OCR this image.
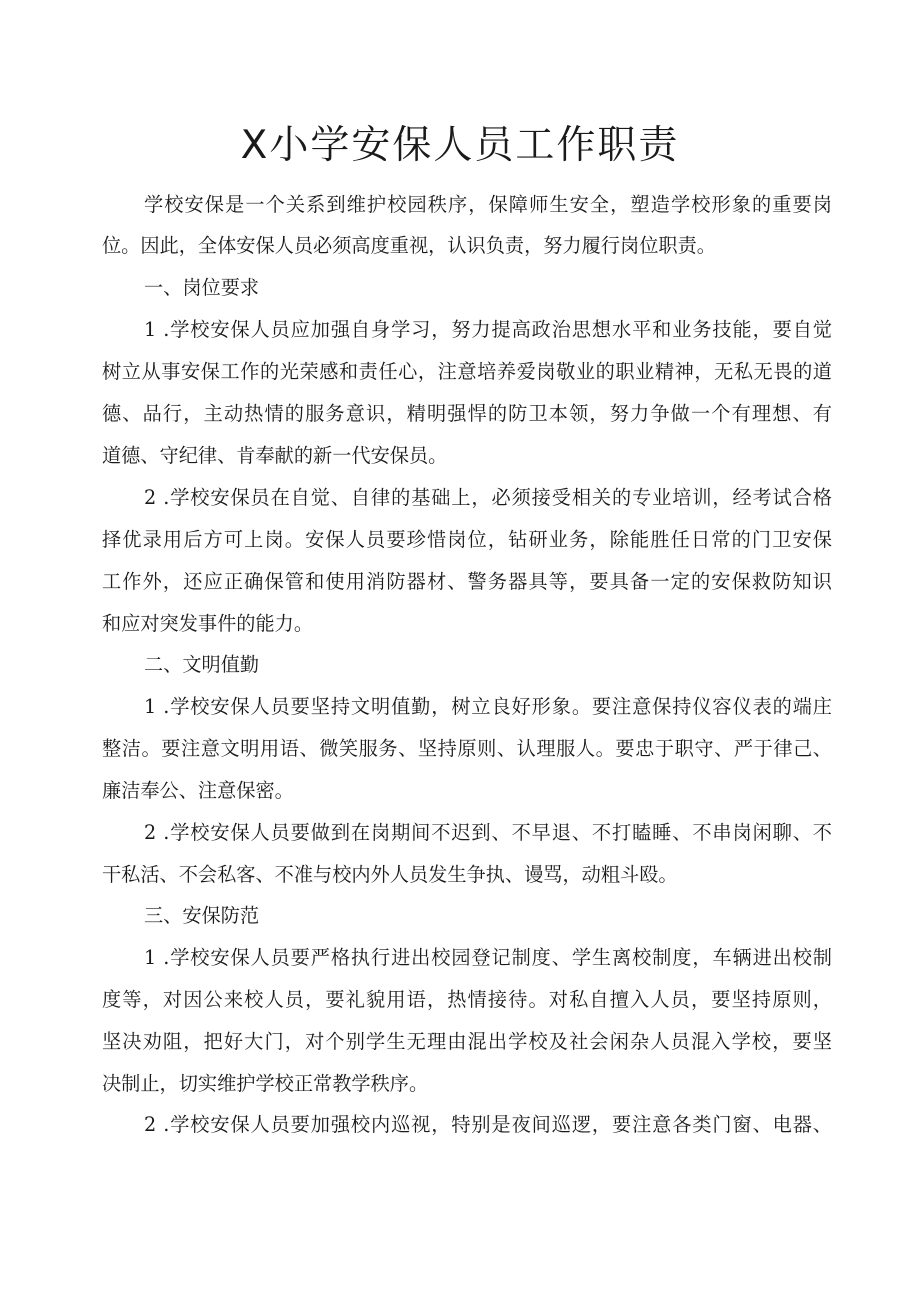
X小学安保人员工作职责
学校安保是一个关系到维护校园秩序，保障师生安全，塑造学校形象的重要岗
位。因此，全体安保人员必须高度重视，认识负责，努力履行岗位职责。
一、岗位要求
1 .学校安保人员应加强自身学习，努力提高政治思想水平和业务技能，要自觉
树立从事安保工作的光荣感和责任心，注意培养爱岗敬业的职业精神，无私无畏的道
德、品行，主动热情的服务意识，精明强悍的防卫本领，努力争做一个有理想、有
道德、守纪律、肯奉献的新一代安保员。
2 .学校安保员在自觉、自律的基础上，必须接受相关的专业培训，经考试合格
择优录用后方可上岗。安保人员要珍惜岗位，钻研业务，除能胜任日常的门卫安保
工作外，还应正确保管和使用消防器材、警务器具等，要具备一定的安保救防知识
和应对突发事件的能力。
二、文明值勤
1 .学校安保人员要坚持文明值勤，树立良好形象。要注意保持仪容仪表的端庄
整洁。要注意文明用语、微笑服务、坚持原则、认理服人。要忠于职守、严于律己、
廉洁奉公、注意保密。
2 .学校安保人员要做到在岗期间不迟到、不早退、不打瞌睡、不串岗闲聊、不
干私活、不会私客、不准与校内外人员发生争执、谩骂，动粗斗殴。
三、安保防范
1 .学校安保人员要严格执行进出校园登记制度、学生离校制度，车辆进出校制
度等，对因公来校人员，要礼貌用语，热情接待。对私自擅入人员，要坚持原则，
坚决劝阻，把好大门，对个别学生无理由混出学校及社会闲杂人员混入学校，要坚
决制止，切实维护学校正常教学秩序。
2 .学校安保人员要加强校内巡视，特别是夜间巡逻，要注意各类门窗、电器、
